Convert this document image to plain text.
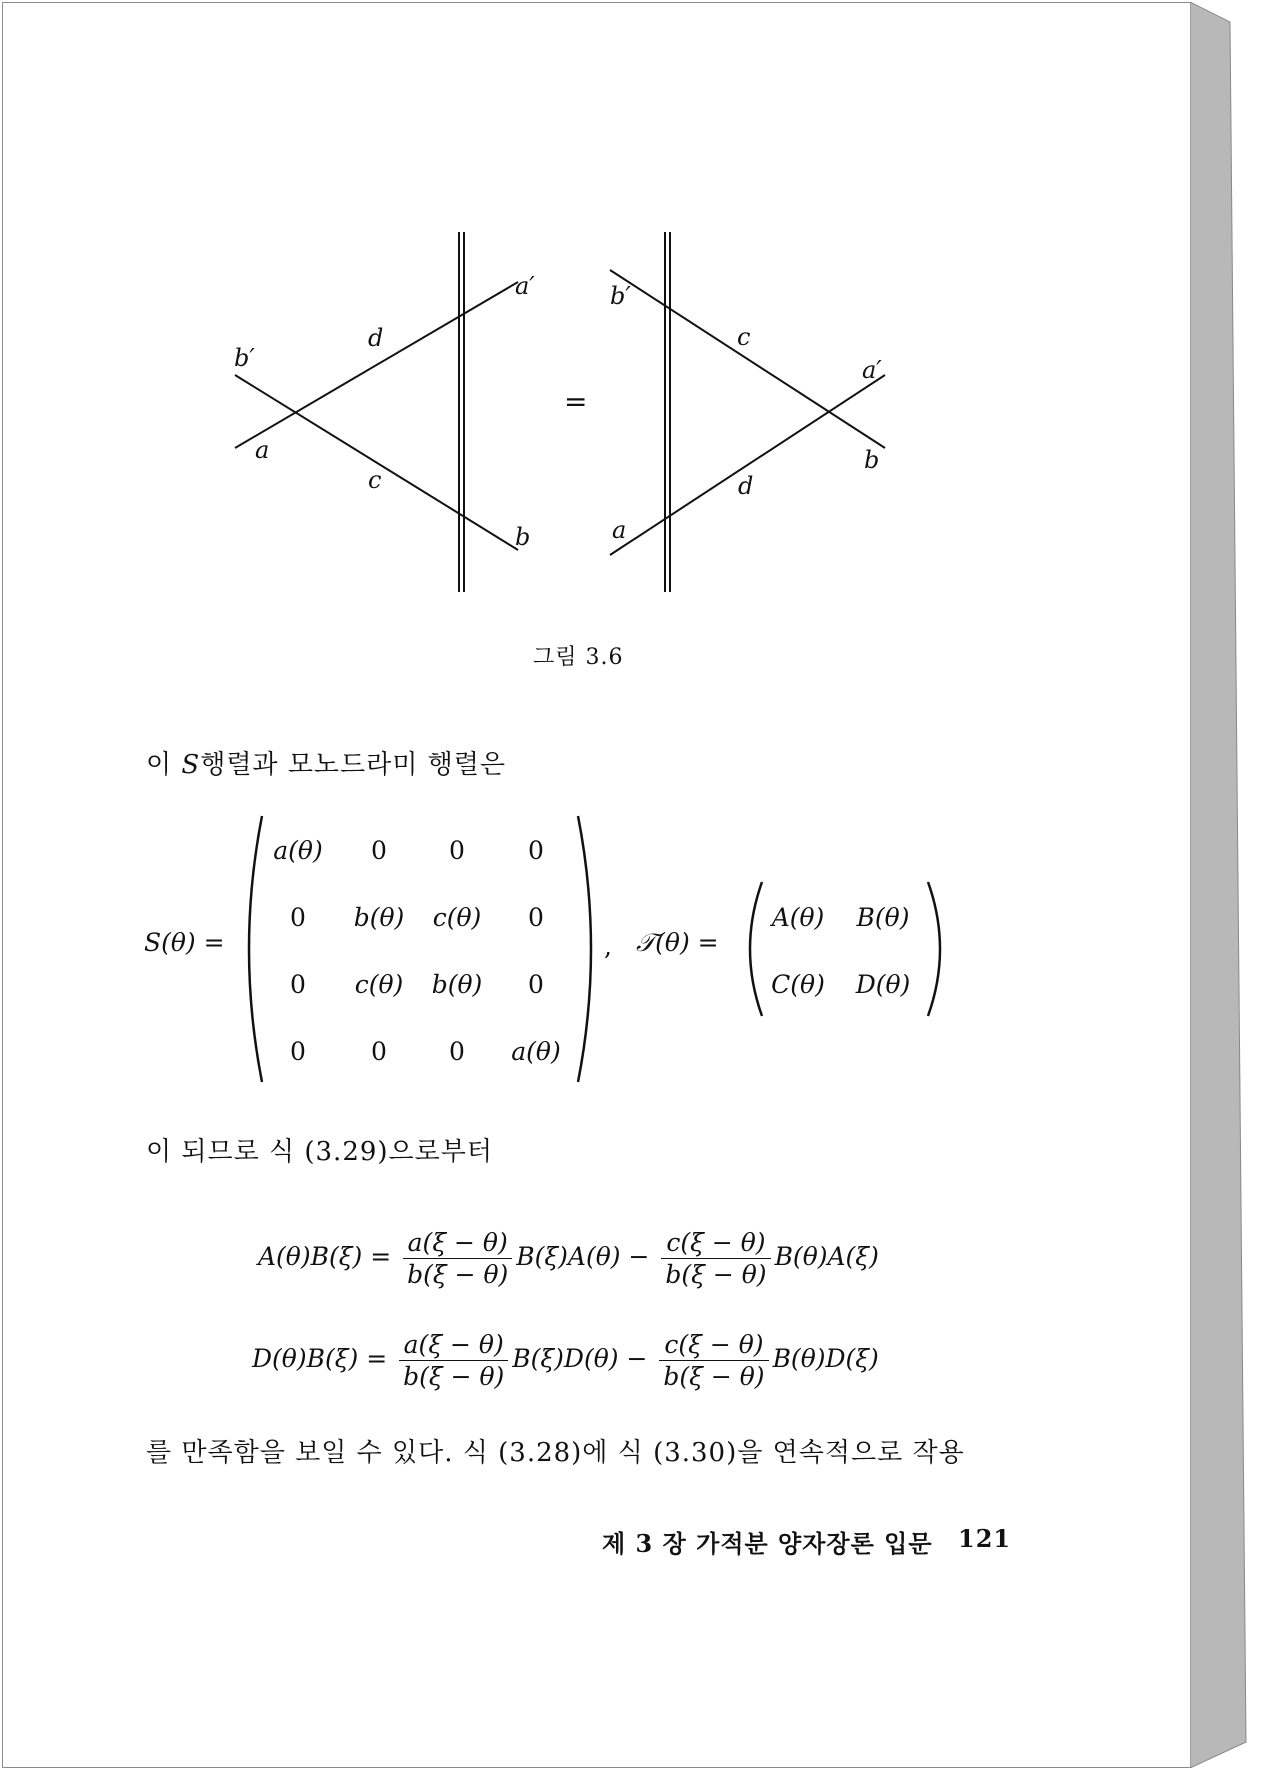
b′
d
a′
a
c
b
=
b′
c
a′
b
d
a
그림 3.6
이 S행렬과 모노드라미 행렬은
S(θ) =
a(θ)	0	0	0
0	b(θ)	c(θ)	0
0	c(θ)	b(θ)	0
0	0	0	a(θ)
, 𝒯(θ) =
A(θ)	B(θ)
C(θ)	D(θ)
이 되므로 식 (3.29)으로부터
$A(\theta)B(\xi) = \frac{a(\xi - \theta)}{b(\xi - \theta)} B(\xi)A(\theta) - \frac{c(\xi - \theta)}{b(\xi - \theta)} B(\theta)A(\xi)$
$D(\theta)B(\xi) = \frac{a(\xi - \theta)}{b(\xi - \theta)} B(\xi)D(\theta) - \frac{c(\xi - \theta)}{b(\xi - \theta)} B(\theta)D(\xi)$
를 만족함을 보일 수 있다. 식 (3.28)에 식 (3.30)을 연속적으로 작용
제 3 장 가적분 양자장론 입문 121
